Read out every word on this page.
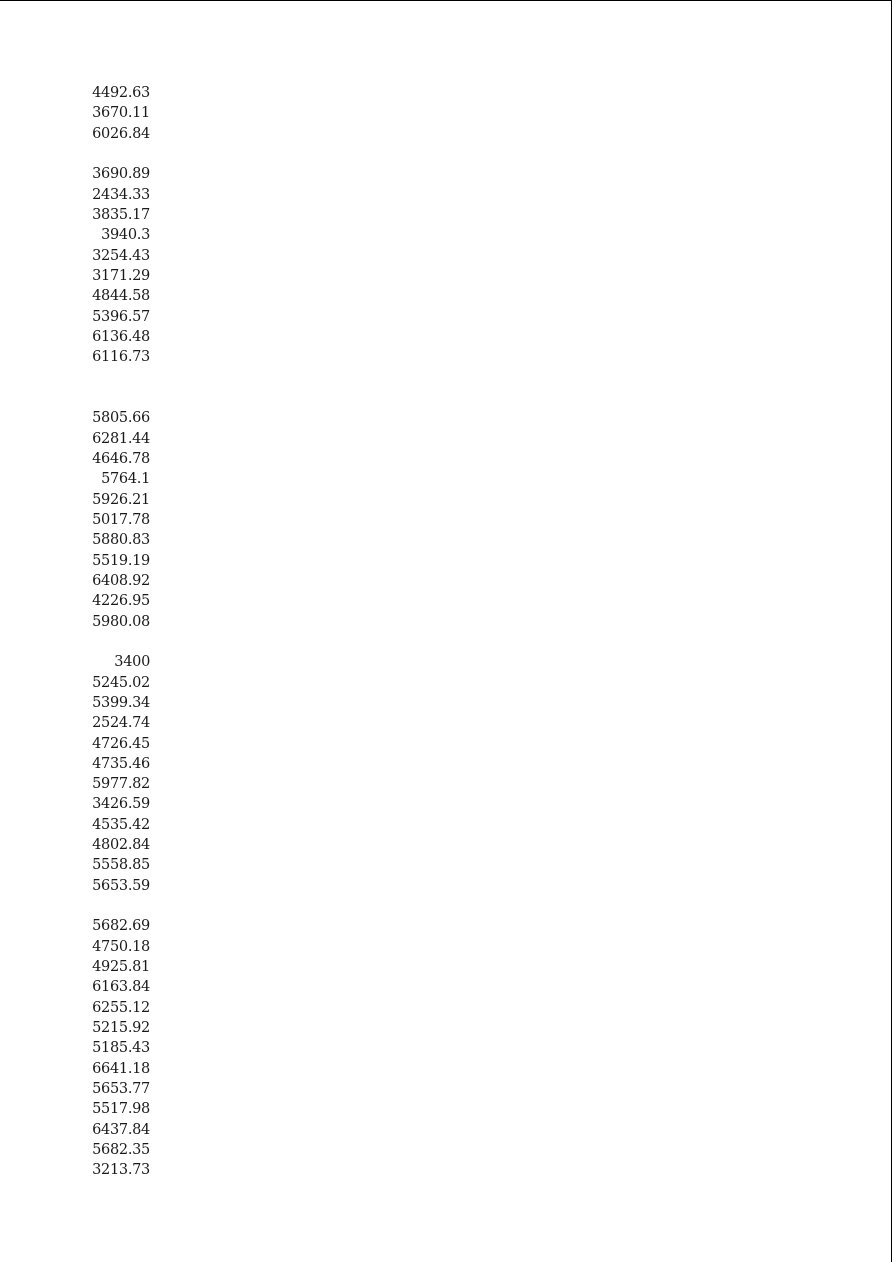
4492.63
3670.11
6026.84
3690.89
2434.33
3835.17
3940.3
3254.43
3171.29
4844.58
5396.57
6136.48
6116.73
5805.66
6281.44
4646.78
5764.1
5926.21
5017.78
5880.83
5519.19
6408.92
4226.95
5980.08
3400
5245.02
5399.34
2524.74
4726.45
4735.46
5977.82
3426.59
4535.42
4802.84
5558.85
5653.59
5682.69
4750.18
4925.81
6163.84
6255.12
5215.92
5185.43
6641.18
5653.77
5517.98
6437.84
5682.35
3213.73
